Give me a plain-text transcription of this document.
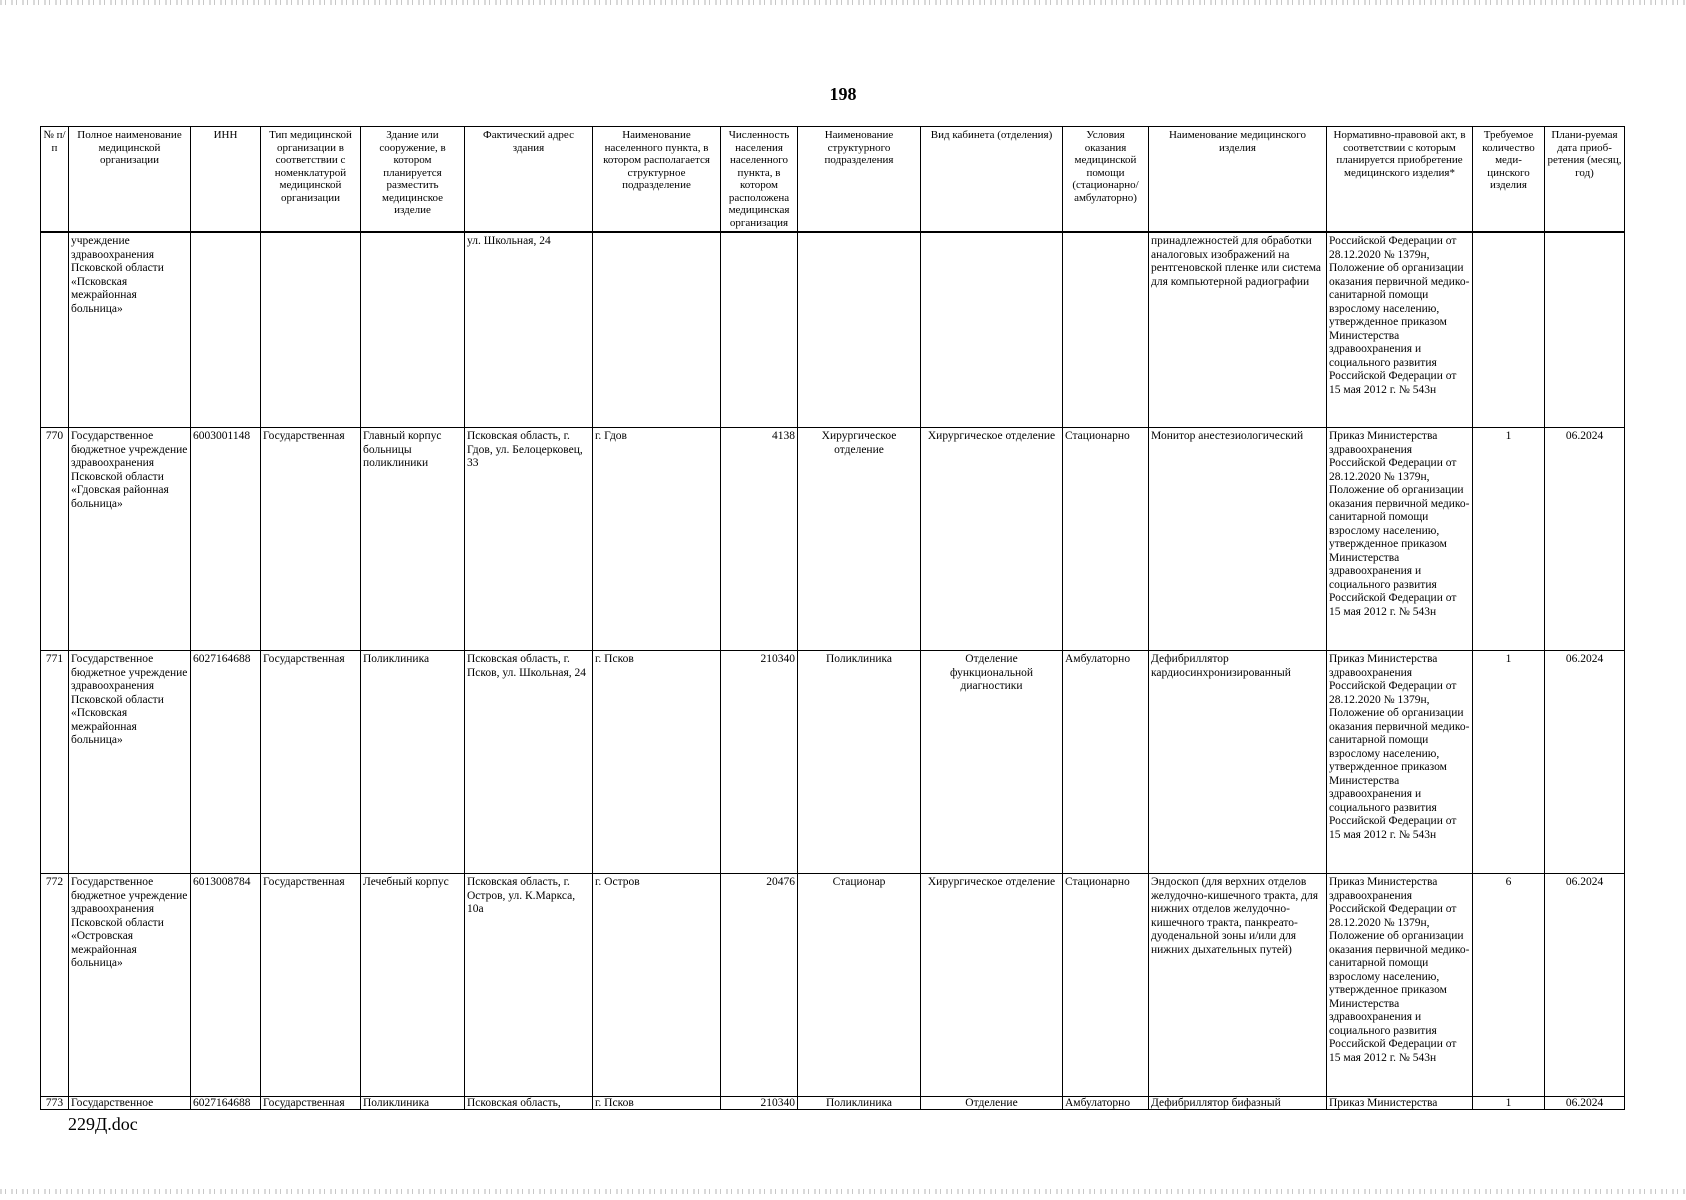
198
№ п/п	Полное наименование медицинской организации	ИНН	Тип медицинской организации в соответствии с номенклатурой медицинской организации	Здание или сооружение, в котором планируется разместить медицинское изделие	Фактический адрес здания	Наименование населенного пункта, в котором располагается структурное подразделение	Численность населения населенного пункта, в котором расположена медицинская организация	Наименование структурного подразделения	Вид кабинета (отделения)	Условия оказания медицинской помощи (стационарно/ амбулаторно)	Наименование медицинского изделия	Нормативно-правовой акт, в соответствии с которым планируется приобретение медицинского изделия*	Требуемое количество меди-цинского изделия	Плани-руемая дата приоб-ретения (месяц, год)
	учреждение здравоохранения Псковской области «Псковская межрайонная больница»				ул. Школьная, 24						принадлежностей для обработки аналоговых изображений на рентгеновской пленке или система для компьютерной радиографии	Российской Федерации от 28.12.2020 № 1379н, Положение об организации оказания первичной медико-санитарной помощи взрослому населению, утвержденное приказом Министерства здравоохранения и социального развития Российской Федерации от 15 мая 2012 г. № 543н		
770	Государственное бюджетное учреждение здравоохранения Псковской области «Гдовская районная больница»	6003001148	Государственная	Главный корпус больницы поликлиники	Псковская область, г. Гдов, ул. Белоцерковец, 33	г. Гдов	4138	Хирургическое отделение	Хирургическое отделение	Стационарно	Монитор анестезиологический	Приказ Министерства здравоохранения Российской Федерации от 28.12.2020 № 1379н, Положение об организации оказания первичной медико-санитарной помощи взрослому населению, утвержденное приказом Министерства здравоохранения и социального развития Российской Федерации от 15 мая 2012 г. № 543н	1	06.2024
771	Государственное бюджетное учреждение здравоохранения Псковской области «Псковская межрайонная больница»	6027164688	Государственная	Поликлиника	Псковская область, г. Псков, ул. Школьная, 24	г. Псков	210340	Поликлиника	Отделение функциональной диагностики	Амбулаторно	Дефибриллятор кардиосинхронизированный	Приказ Министерства здравоохранения Российской Федерации от 28.12.2020 № 1379н, Положение об организации оказания первичной медико-санитарной помощи взрослому населению, утвержденное приказом Министерства здравоохранения и социального развития Российской Федерации от 15 мая 2012 г. № 543н	1	06.2024
772	Государственное бюджетное учреждение здравоохранения Псковской области «Островская межрайонная больница»	6013008784	Государственная	Лечебный корпус	Псковская область, г. Остров, ул. К.Маркса, 10а	г. Остров	20476	Стационар	Хирургическое отделение	Стационарно	Эндоскоп (для верхних отделов желудочно-кишечного тракта, для нижних отделов желудочно-кишечного тракта, панкреато-дуоденальной зоны и/или для нижних дыхательных путей)	Приказ Министерства здравоохранения Российской Федерации от 28.12.2020 № 1379н, Положение об организации оказания первичной медико-санитарной помощи взрослому населению, утвержденное приказом Министерства здравоохранения и социального развития Российской Федерации от 15 мая 2012 г. № 543н	6	06.2024
773	Государственное	6027164688	Государственная	Поликлиника	Псковская область,	г. Псков	210340	Поликлиника	Отделение	Амбулаторно	Дефибриллятор бифазный	Приказ Министерства	1	06.2024
229Д.doc
